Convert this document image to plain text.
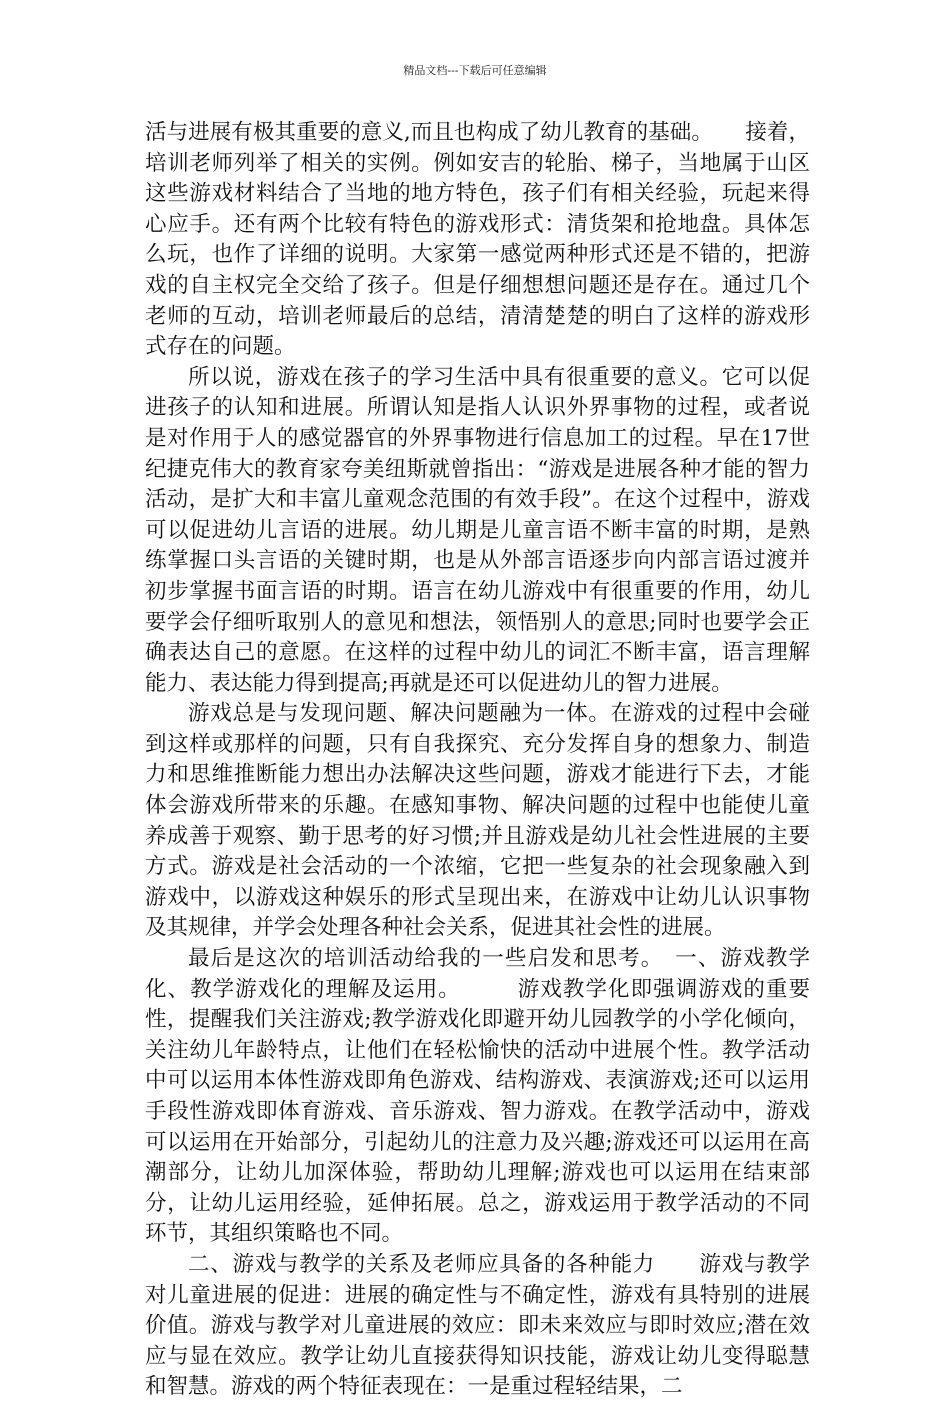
精品文档---下载后可任意编辑

活与进展有极其重要的意义,而且也构成了幼儿教育的基础。　　接着，培训老师列举了相关的实例。例如安吉的轮胎、梯子，当地属于山区这些游戏材料结合了当地的地方特色，孩子们有相关经验，玩起来得心应手。还有两个比较有特色的游戏形式：清货架和抢地盘。具体怎么玩，也作了详细的说明。大家第一感觉两种形式还是不错的，把游戏的自主权完全交给了孩子。但是仔细想想问题还是存在。通过几个老师的互动，培训老师最后的总结，清清楚楚的明白了这样的游戏形式存在的问题。

所以说，游戏在孩子的学习生活中具有很重要的意义。它可以促进孩子的认知和进展。所谓认知是指人认识外界事物的过程，或者说是对作用于人的感觉器官的外界事物进行信息加工的过程。早在17世纪捷克伟大的教育家夸美纽斯就曾指出：“游戏是进展各种才能的智力活动，是扩大和丰富儿童观念范围的有效手段”。在这个过程中，游戏可以促进幼儿言语的进展。幼儿期是儿童言语不断丰富的时期，是熟练掌握口头言语的关键时期，也是从外部言语逐步向内部言语过渡并初步掌握书面言语的时期。语言在幼儿游戏中有很重要的作用，幼儿要学会仔细听取别人的意见和想法，领悟别人的意思;同时也要学会正确表达自己的意愿。在这样的过程中幼儿的词汇不断丰富，语言理解能力、表达能力得到提高;再就是还可以促进幼儿的智力进展。

游戏总是与发现问题、解决问题融为一体。在游戏的过程中会碰到这样或那样的问题，只有自我探究、充分发挥自身的想象力、制造力和思维推断能力想出办法解决这些问题，游戏才能进行下去，才能体会游戏所带来的乐趣。在感知事物、解决问题的过程中也能使儿童养成善于观察、勤于思考的好习惯;并且游戏是幼儿社会性进展的主要方式。游戏是社会活动的一个浓缩，它把一些复杂的社会现象融入到游戏中，以游戏这种娱乐的形式呈现出来，在游戏中让幼儿认识事物及其规律，并学会处理各种社会关系，促进其社会性的进展。

最后是这次的培训活动给我的一些启发和思考。　一、游戏教学化、教学游戏化的理解及运用。　　　游戏教学化即强调游戏的重要性，提醒我们关注游戏;教学游戏化即避开幼儿园教学的小学化倾向，关注幼儿年龄特点，让他们在轻松愉快的活动中进展个性。教学活动中可以运用本体性游戏即角色游戏、结构游戏、表演游戏;还可以运用手段性游戏即体育游戏、音乐游戏、智力游戏。在教学活动中，游戏可以运用在开始部分，引起幼儿的注意力及兴趣;游戏还可以运用在高潮部分，让幼儿加深体验，帮助幼儿理解;游戏也可以运用在结束部分，让幼儿运用经验，延伸拓展。总之，游戏运用于教学活动的不同环节，其组织策略也不同。

二、游戏与教学的关系及老师应具备的各种能力　　游戏与教学对儿童进展的促进：进展的确定性与不确定性，游戏有具特别的进展价值。游戏与教学对儿童进展的效应：即未来效应与即时效应;潜在效应与显在效应。教学让幼儿直接获得知识技能，游戏让幼儿变得聪慧和智慧。游戏的两个特征表现在：一是重过程轻结果，二
